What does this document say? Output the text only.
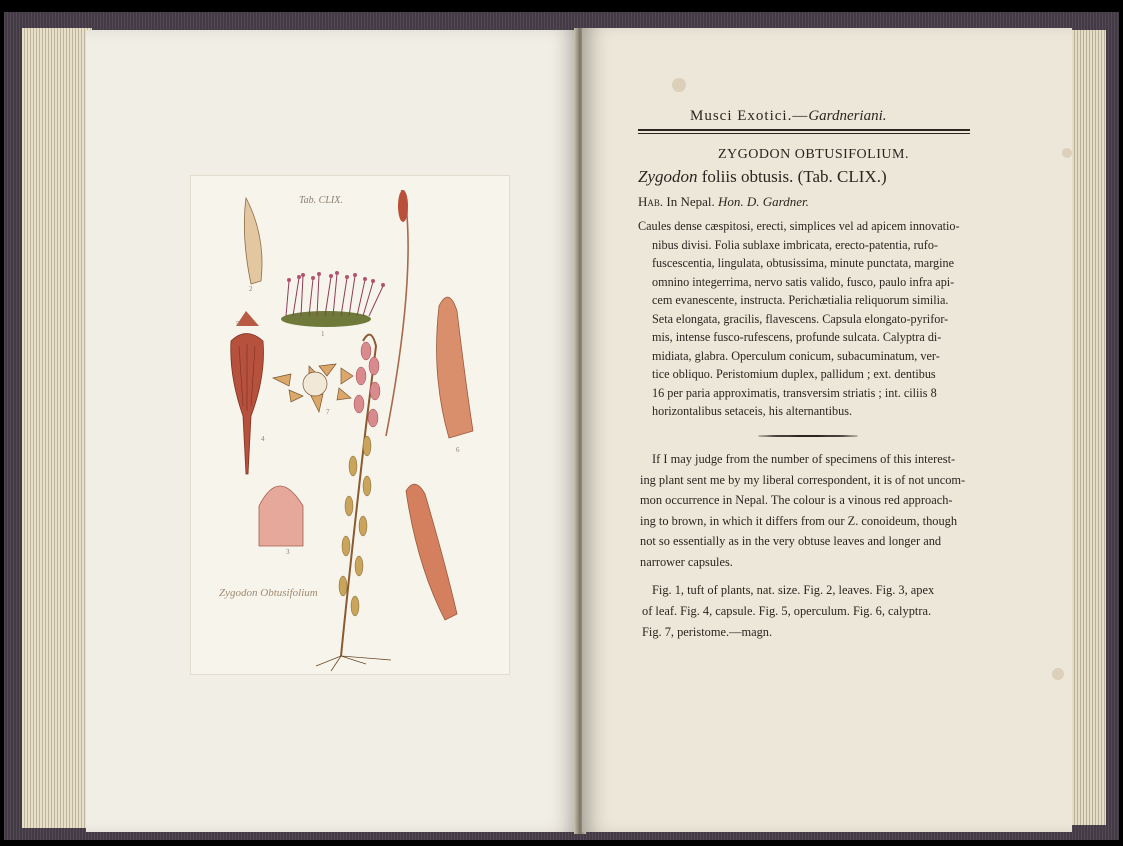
Tab. CLIX.
Zygodon Obtusifolium
2
1
5
4
7
6
3
Musci Exotici.—Gardneriani.
ZYGODON OBTUSIFOLIUM.
Zygodon foliis obtusis. (Tab. CLIX.)
Hab. In Nepal. Hon. D. Gardner.
Caules dense cæspitosi, erecti, simplices vel ad apicem innovatio-
nibus divisi. Folia sublaxe imbricata, erecto-patentia, rufo-
fuscescentia, lingulata, obtusissima, minute punctata, margine
omnino integerrima, nervo satis valido, fusco, paulo infra api-
cem evanescente, instructa. Perichætialia reliquorum similia.
Seta elongata, gracilis, flavescens. Capsula elongato-pyrifor-
mis, intense fusco-rufescens, profunde sulcata. Calyptra di-
midiata, glabra. Operculum conicum, subacuminatum, ver-
tice obliquo. Peristomium duplex, pallidum ; ext. dentibus
16 per paria approximatis, transversim striatis ; int. ciliis 8
horizontalibus setaceis, his alternantibus.
If I may judge from the number of specimens of this interest-
ing plant sent me by my liberal correspondent, it is of not uncom-
mon occurrence in Nepal. The colour is a vinous red approach-
ing to brown, in which it differs from our Z. conoideum, though
not so essentially as in the very obtuse leaves and longer and
narrower capsules.
Fig. 1, tuft of plants, nat. size. Fig. 2, leaves. Fig. 3, apex
of leaf. Fig. 4, capsule. Fig. 5, operculum. Fig. 6, calyptra.
Fig. 7, peristome.—magn.
